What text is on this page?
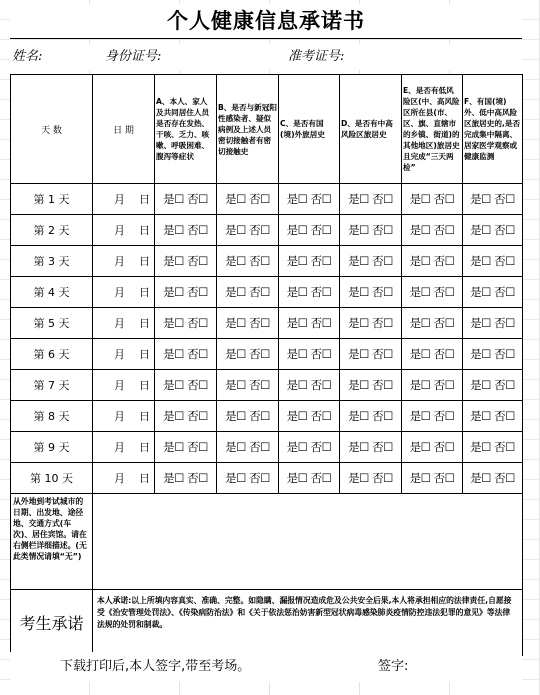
个人健康信息承诺书
姓名:	身份证号:	准考证号:
天 数	日 期	A、本人、家人及共同居住人员是否存在发热、干咳、乏力、咳嗽、呼吸困难、腹泻等症状	B、是否与新冠阳性感染者、疑似病例及上述人员密切接触者有密切接触史	C、是否有国(境)外旅居史	D、是否有中高风险区旅居史	E、是否有低风险区(中、高风险区所在县(市、区、旗、直辖市的乡镇、街道)的其他地区)旅居史且完成“三天两检”	F、有国(境)外、低中高风险区旅居史的,是否完成集中隔离、居家医学观察或健康监测
第 1 天	月 日	是☐ 否☐	是☐ 否☐	是☐ 否☐	是☐ 否☐	是☐ 否☐	是☐ 否☐
第 2 天	月 日	是☐ 否☐	是☐ 否☐	是☐ 否☐	是☐ 否☐	是☐ 否☐	是☐ 否☐
第 3 天	月 日	是☐ 否☐	是☐ 否☐	是☐ 否☐	是☐ 否☐	是☐ 否☐	是☐ 否☐
第 4 天	月 日	是☐ 否☐	是☐ 否☐	是☐ 否☐	是☐ 否☐	是☐ 否☐	是☐ 否☐
第 5 天	月 日	是☐ 否☐	是☐ 否☐	是☐ 否☐	是☐ 否☐	是☐ 否☐	是☐ 否☐
第 6 天	月 日	是☐ 否☐	是☐ 否☐	是☐ 否☐	是☐ 否☐	是☐ 否☐	是☐ 否☐
第 7 天	月 日	是☐ 否☐	是☐ 否☐	是☐ 否☐	是☐ 否☐	是☐ 否☐	是☐ 否☐
第 8 天	月 日	是☐ 否☐	是☐ 否☐	是☐ 否☐	是☐ 否☐	是☐ 否☐	是☐ 否☐
第 9 天	月 日	是☐ 否☐	是☐ 否☐	是☐ 否☐	是☐ 否☐	是☐ 否☐	是☐ 否☐
第 10 天	月 日	是☐ 否☐	是☐ 否☐	是☐ 否☐	是☐ 否☐	是☐ 否☐	是☐ 否☐
从外地到考试城市的日期、出发地、途径地、交通方式(车次)、居住宾馆。请在右侧栏详细描述。(无此类情况请填“无”)							
考生承诺	本人承诺:以上所填内容真实、准确、完整。如隐瞒、漏报情况造成危及公共安全后果,本人将承担相应的法律责任,自愿接受《治安管理处罚法》、《传染病防治法》和《关于依法惩治妨害新型冠状病毒感染肺炎疫情防控违法犯罪的意见》等法律法规的处罚和制裁。						
下载打印后,本人签字,带至考场。	签字:
